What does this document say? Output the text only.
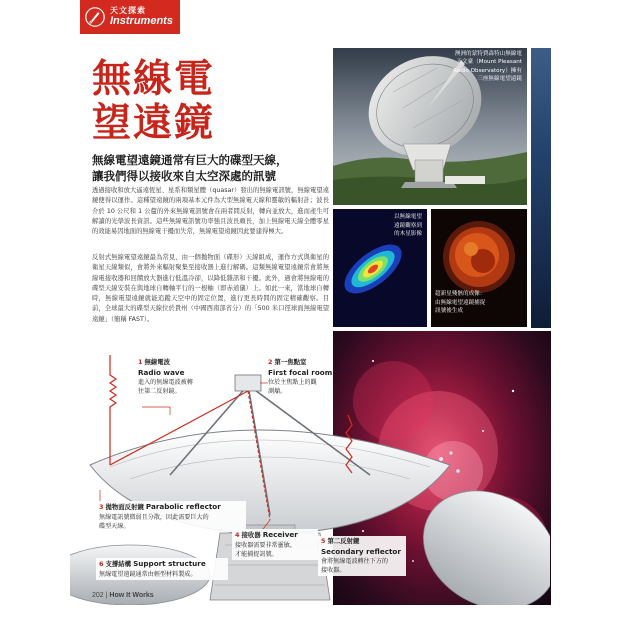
天文探索
Instruments
無線電
望遠鏡
無線電望遠鏡通常有巨大的碟型天線，
讓我們得以接收來自太空深處的訊號

透過接收和放大遙遠恆星、星系和類星體（quasar）發出的無線電訊號，無線電望遠鏡便得以運作。這種望遠鏡的兩項基本元件為大型無線電天線和靈敏的輻射計；波長介於 10 公尺和 1 公釐的外來無線電訊號會在兩者間反射，轉向並放大，進而產生可解讀的光學波長資訊。這些無線電訊號功率強且波長頗長，加上無線電天線全體零星的效能易因地面的無線電干擾而失常，無線電望遠鏡因此要建得極大。

反射式無線電望遠鏡最為常見，由一個拋物面（碟形）天線組成，運作方式與衛星的衛星天線類似，會將外來輻射聚集至接收器上進行解碼。這類無線電望遠鏡常會將無線電接收器和回饋放大器進行低溫冷卻，以降低雜訊和干擾。此外，過會將無線電的碟型天線安裝在與地球自轉軸平行的一根軸（即赤道儀）上。如此一來，當地球自轉時，無線電望遠鏡就能追蹤天空中的固定位置，進行更長時間的固定精確觀察。目前，全球最大的碟型天線位於貴州（中國西南部省分）的「500 米口徑球面無線電望遠鏡」（簡稱 FAST）。

澳洲的蒙特費森特山無線電
天文臺（Mount Pleasant
Radio Observatory）擁有
三座無線電望遠鏡
以無線電望
遠鏡觀察到
的木星影像
超新星殘骸的成像：
由無線電望遠鏡捕捉
訊號後生成
1 無線電波
Radio wave
進入的無線電波被轉
往第二反射鏡。
2 第一焦點室
First focal room
位於主焦點上的觀
測艙。
3 拋物面反射鏡 Parabolic reflector
無線電訊號微弱且分散，因此需要巨大的
碟型天線。
4 接收器 Receiver
接收器需要非常靈敏，
才能捕捉訊號。
5 第二反射鏡
Secondary reflector
會將無線電波轉往下方的
接收器。
6 支撐結構 Support structure
無線電望遠鏡通常由輕型材料製成。
202 | How It Works
